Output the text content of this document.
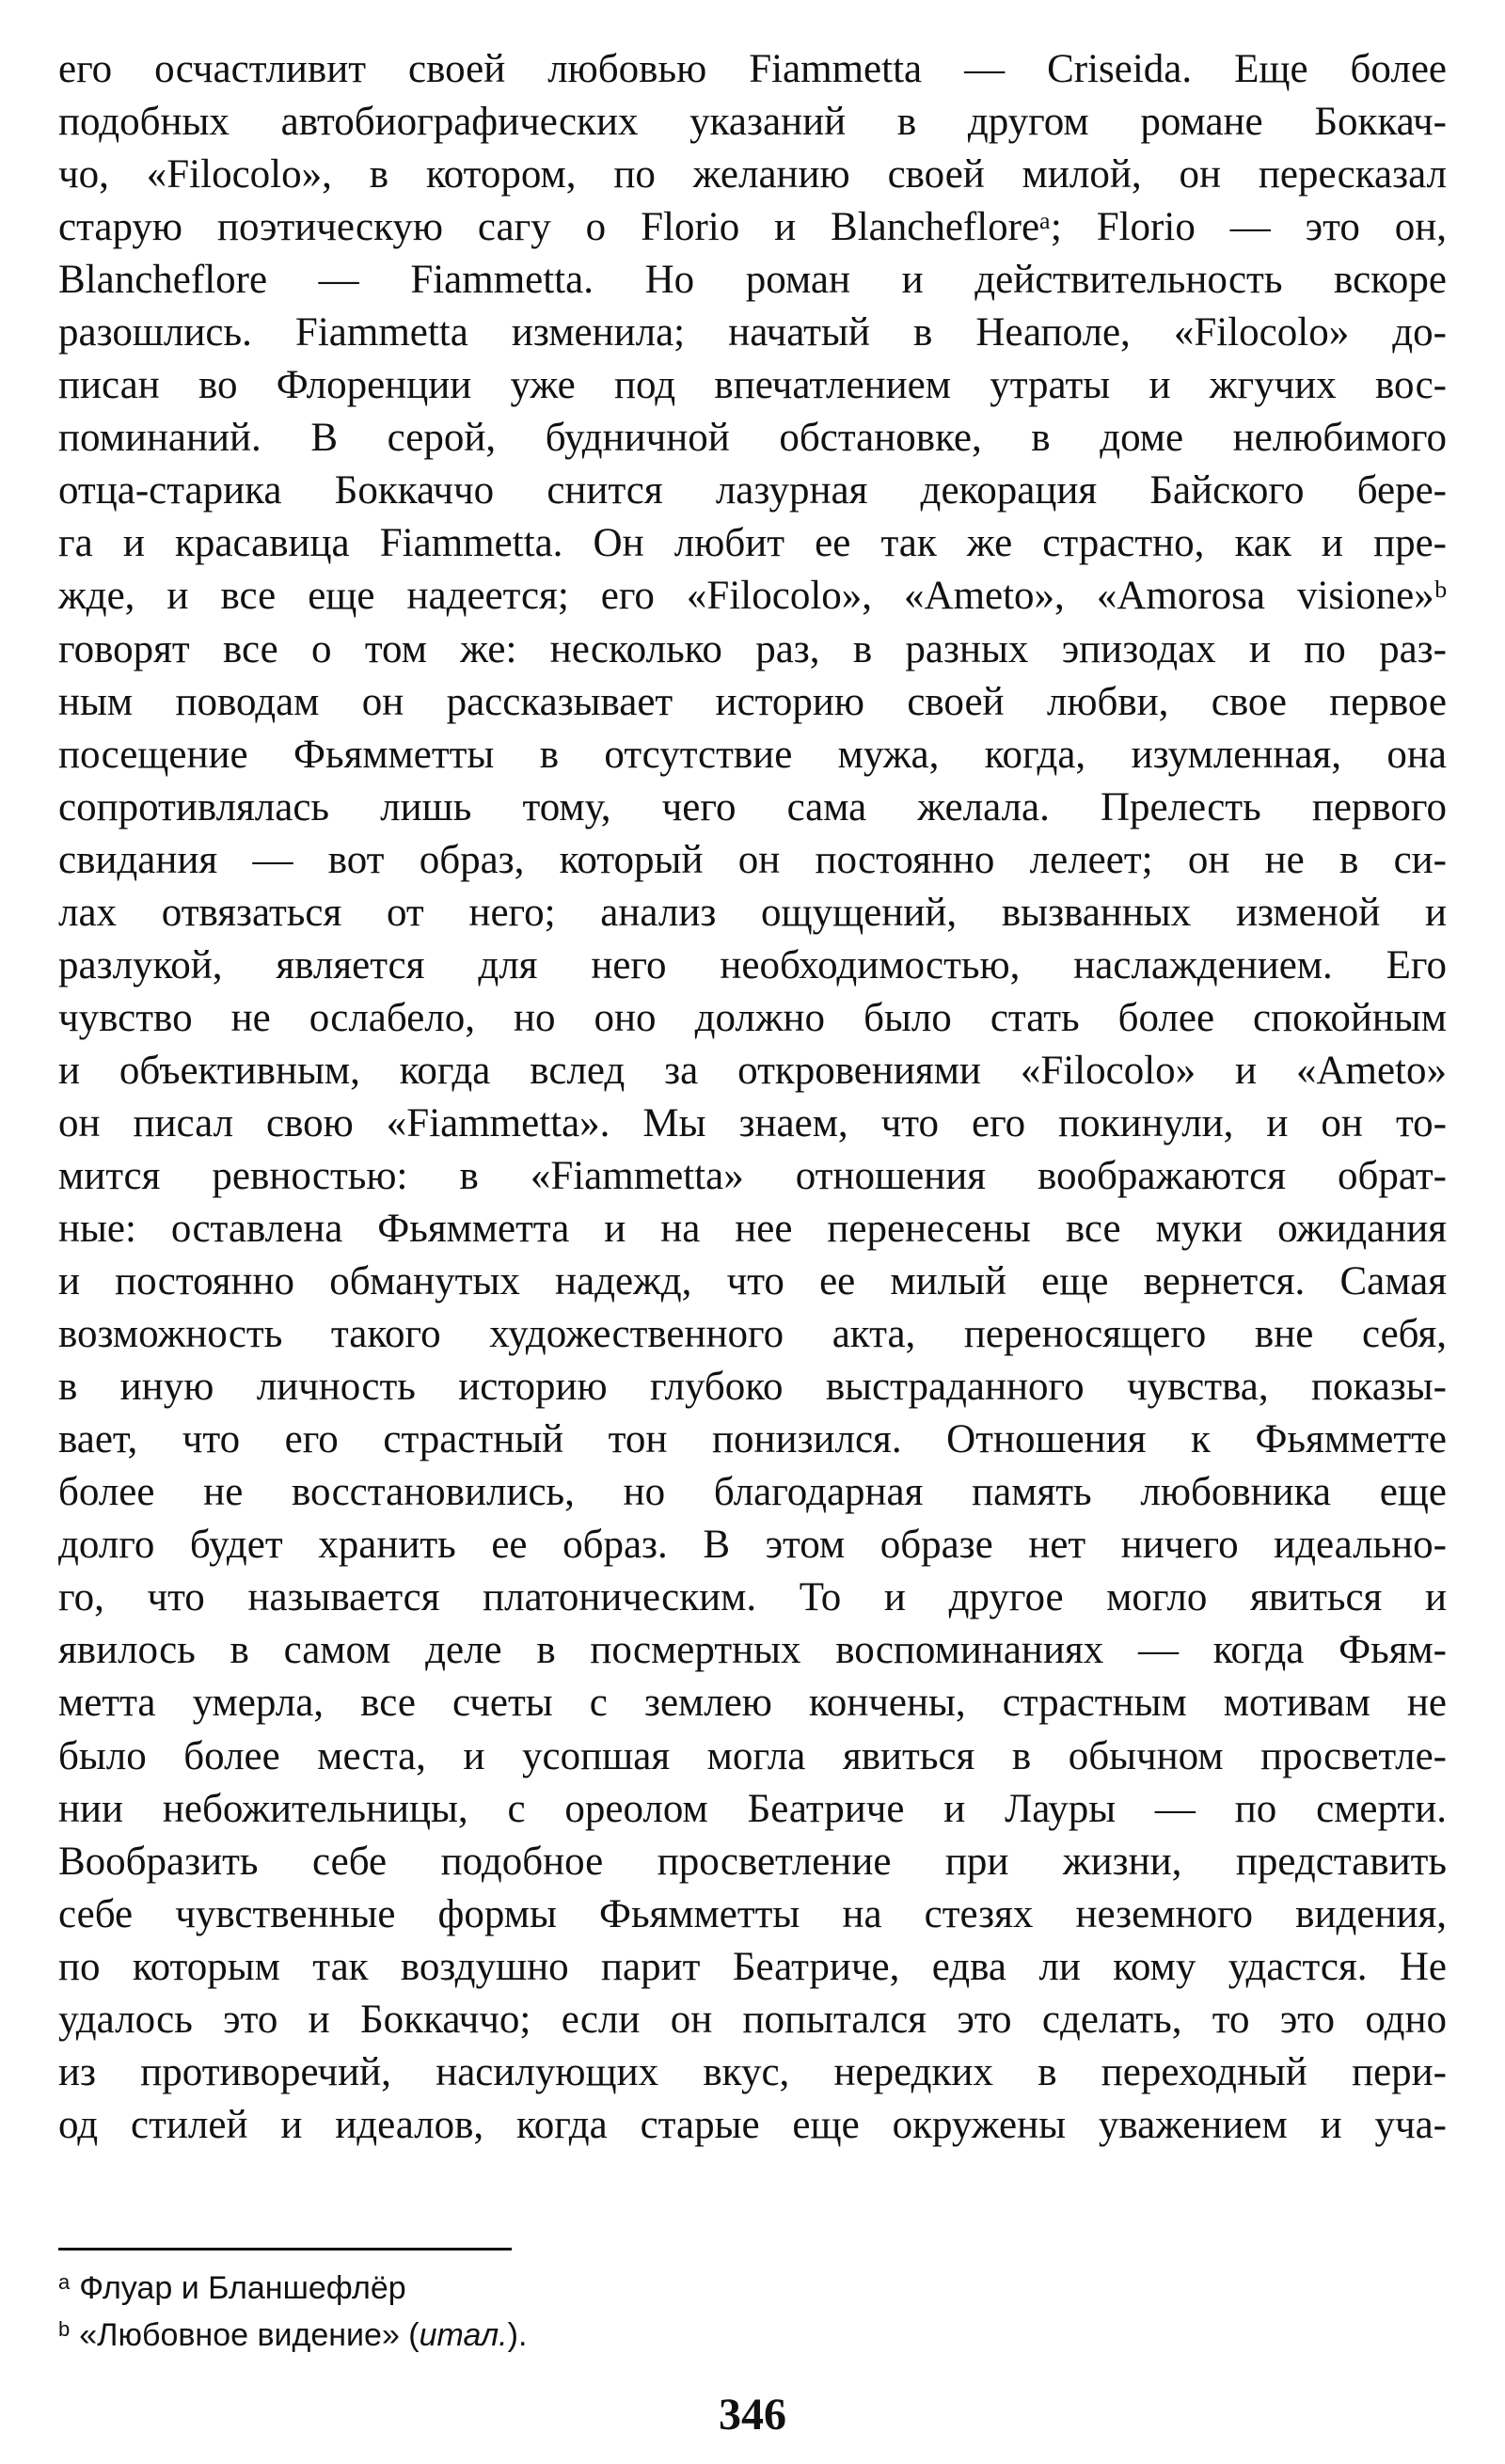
его осчастливит своей любовью Fiammetta — Criseida. Еще более
подобных автобиографических указаний в другом романе Боккач-
чо, «Filocolo», в котором, по желанию своей милой, он пересказал
старую поэтическую сагу о Florio и Blanchefloreᵃ; Florio — это он,
Blancheflore — Fiammetta. Но роман и действительность вскоре
разошлись. Fiammetta изменила; начатый в Неаполе, «Filocolo» до-
писан во Флоренции уже под впечатлением утраты и жгучих вос-
поминаний. В серой, будничной обстановке, в доме нелюбимого
отца-старика Боккаччо снится лазурная декорация Байского бере-
га и красавица Fiammetta. Он любит ее так же страстно, как и пре-
жде, и все еще надеется; его «Filocolo», «Ameto», «Amorosa visione»ᵇ
говорят все о том же: несколько раз, в разных эпизодах и по раз-
ным поводам он рассказывает историю своей любви, свое первое
посещение Фьямметты в отсутствие мужа, когда, изумленная, она
сопротивлялась лишь тому, чего сама желала. Прелесть первого
свидания — вот образ, который он постоянно лелеет; он не в си-
лах отвязаться от него; анализ ощущений, вызванных изменой и
разлукой, является для него необходимостью, наслаждением. Его
чувство не ослабело, но оно должно было стать более спокойным
и объективным, когда вслед за откровениями «Filocolo» и «Ameto»
он писал свою «Fiammetta». Мы знаем, что его покинули, и он то-
мится ревностью: в «Fiammetta» отношения воображаются обрат-
ные: оставлена Фьямметта и на нее перенесены все муки ожидания
и постоянно обманутых надежд, что ее милый еще вернется. Самая
возможность такого художественного акта, переносящего вне себя,
в иную личность историю глубоко выстраданного чувства, показы-
вает, что его страстный тон понизился. Отношения к Фьямметте
более не восстановились, но благодарная память любовника еще
долго будет хранить ее образ. В этом образе нет ничего идеально-
го, что называется платоническим. То и другое могло явиться и
явилось в самом деле в посмертных воспоминаниях — когда Фьям-
метта умерла, все счеты с землею кончены, страстным мотивам не
было более места, и усопшая могла явиться в обычном просветле-
нии небожительницы, с ореолом Беатриче и Лауры — по смерти.
Вообразить себе подобное просветление при жизни, представить
себе чувственные формы Фьямметты на стезях неземного видения,
по которым так воздушно парит Беатриче, едва ли кому удастся. Не
удалось это и Боккаччо; если он попытался это сделать, то это одно
из противоречий, насилующих вкус, нередких в переходный пери-
од стилей и идеалов, когда старые еще окружены уважением и уча-
$^a$ Флуар и Бланшефлёр
$^b$ «Любовное видение» (итал.).
346
